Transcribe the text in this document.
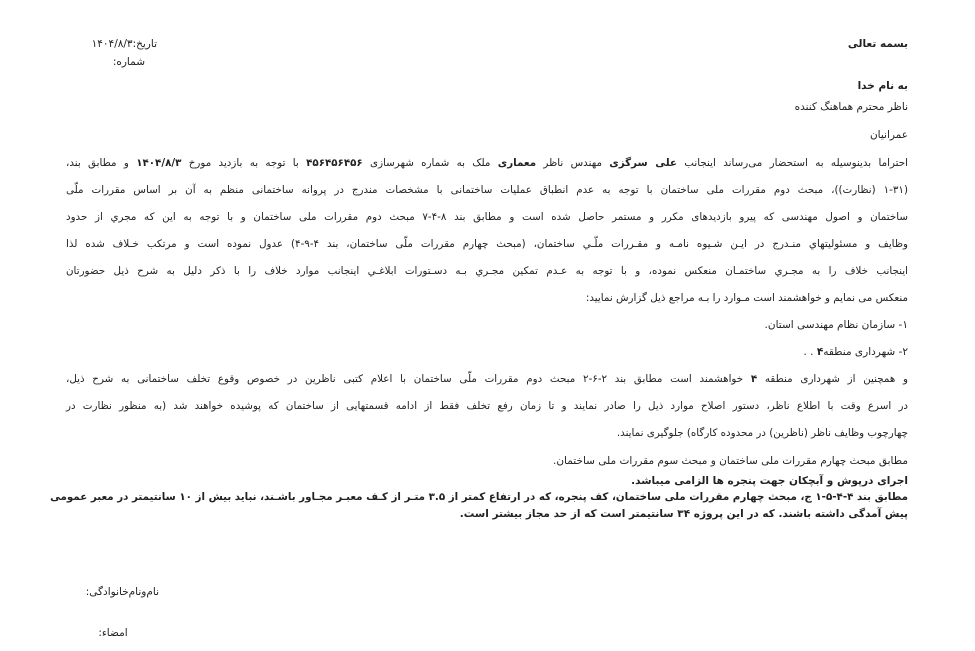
بسمه تعالی
تاریخ:۱۴۰۴/۸/۳
شماره:
به نام خدا
ناظر محترم هماهنگ کننده
عمرانیان
احتراما بدینوسیله به استحضار می‌رساند اینجانب علی سرگزی مهندس ناظر معماری ملک به شماره شهرسازی ۴۵۶۴۵۶۴۵۶ با توجه به بازدید مورخ ۱۴۰۴/۸/۳ و مطابق بند،
(۱-۳۱ (نظارت))، مبحث دوم مقررات ملی ساختمان با توجه به عدم انطباق عملیات ساختمانی با مشخصات مندرج در پروانه ساختمانی منظم به آن بر اساس مقررات ملّی
ساختمان و اصول مهندسی که پیرو بازدیدهای مکرر و مستمر حاصل شده است و مطابق بند ۸-۴-۷ مبحث دوم مقررات ملی ساختمان و با توجه به این که مجري از حدود
وظایف و مسئولیتهاي منـدرج در ایـن شـیوه نامـه و مقـررات ملّـي ساختمان، (مبحث چهارم مقررات ملّی ساختمان، بند ۴-۹-۴) عدول نموده است و مرتکب خـلاف شده لذا
اینجانب خلاف را به مجـري ساختمـان منعکس نموده، و با توجه به عـدم تمکین مجـري بـه دسـتورات ابلاغـي اینجانب موارد خلاف را با ذکر دلیل به شرح ذیل حضورتان
منعکس می نمایم و خواهشمند است مـوارد را بـه مراجع ذیل گزارش نمایید:
۱- سازمان نظام مهندسی استان.
۲- شهرداری منطقه۴ . .
و همچنین از شهرداری منطقه ۴ خواهشمند است مطابق بند ۲-۶-۲ مبحث دوم مقررات ملّی ساختمان با اعلام کتبی ناظرین در خصوص وقوع تخلف ساختمانی به شرح ذیل،
در اسرع وقت با اطلاع ناظر، دستور اصلاح موارد ذیل را صادر نمایند و تا زمان رفع تخلف فقط از ادامه قسمتهایی از ساختمان که پوشیده خواهند شد (به منظور نظارت در
چهارچوب وظایف ناظر (ناظرین) در محدوده کارگاه) جلوگیری نمایند.
مطابق مبحث چهارم مقررات ملی ساختمان و مبحث سوم مقررات ملی ساختمان.
اجرای درپوش و آبچکان جهت پنجره ها الزامی میباشد.
مطابق بند ۴-۴-۵-۱ ج، مبحث چهارم مقررات ملی ساختمان، کف پنجره، که در ارتفاع کمتر از ۳.۵ متـر از کـف معبـر مجـاور باشـند، نباید بیش از ۱۰ سانتیمتر در معبر عمومی
پیش آمدگی داشته باشند. که در این پروژه ۳۴ سانتیمتر است که از حد مجاز بیشتر است.
نام‌ونام‌خانوادگی:
امضاء:
